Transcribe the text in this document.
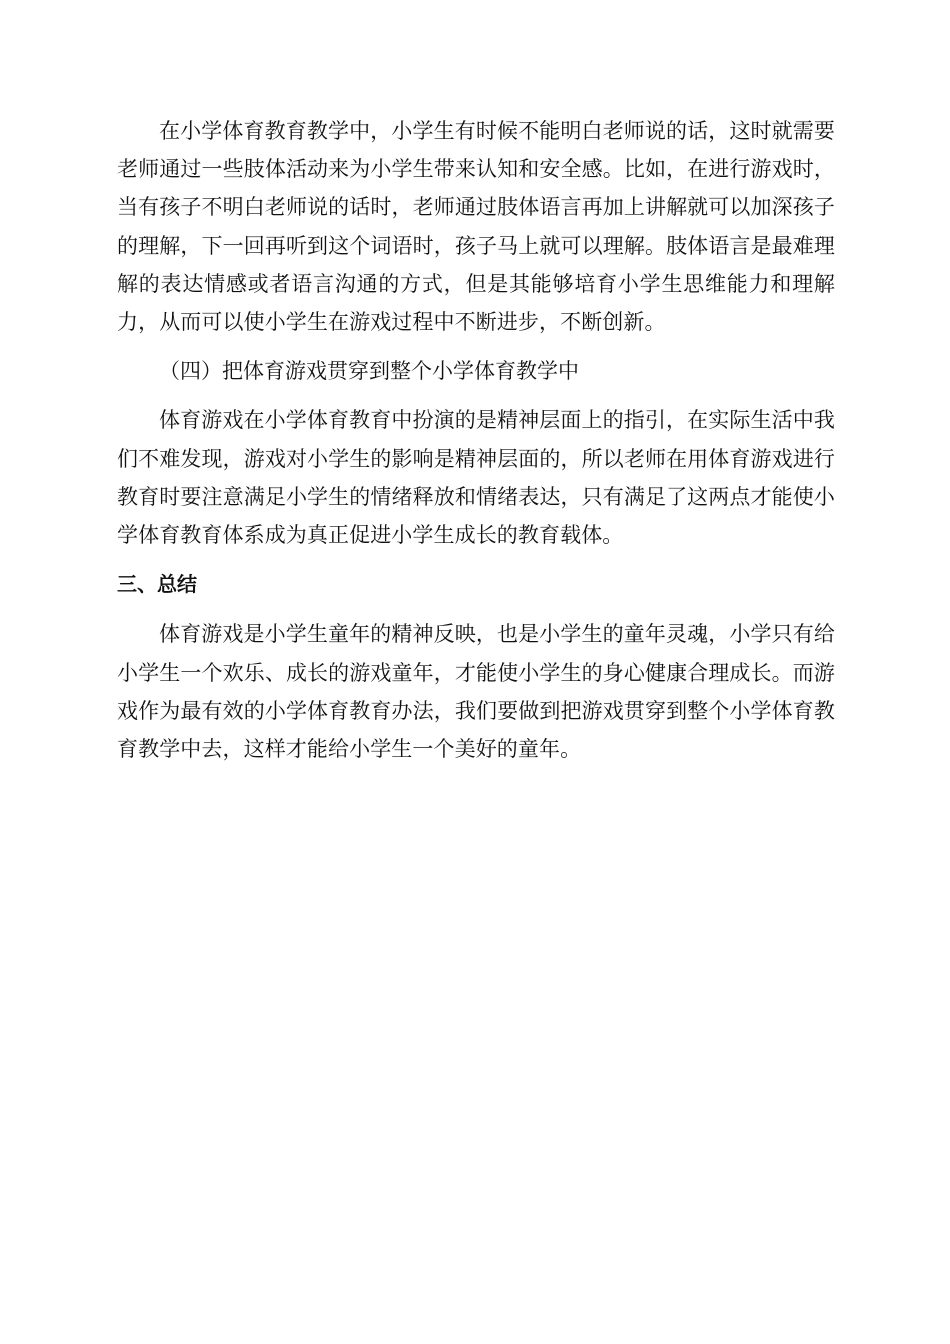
在小学体育教育教学中，小学生有时候不能明白老师说的话，这时就需要老师通过一些肢体活动来为小学生带来认知和安全感。比如，在进行游戏时，当有孩子不明白老师说的话时，老师通过肢体语言再加上讲解就可以加深孩子的理解，下一回再听到这个词语时，孩子马上就可以理解。肢体语言是最难理解的表达情感或者语言沟通的方式，但是其能够培育小学生思维能力和理解力，从而可以使小学生在游戏过程中不断进步，不断创新。

（四）把体育游戏贯穿到整个小学体育教学中

体育游戏在小学体育教育中扮演的是精神层面上的指引，在实际生活中我们不难发现，游戏对小学生的影响是精神层面的，所以老师在用体育游戏进行教育时要注意满足小学生的情绪释放和情绪表达，只有满足了这两点才能使小学体育教育体系成为真正促进小学生成长的教育载体。

三、总结

体育游戏是小学生童年的精神反映，也是小学生的童年灵魂，小学只有给小学生一个欢乐、成长的游戏童年，才能使小学生的身心健康合理成长。而游戏作为最有效的小学体育教育办法，我们要做到把游戏贯穿到整个小学体育教育教学中去，这样才能给小学生一个美好的童年。
